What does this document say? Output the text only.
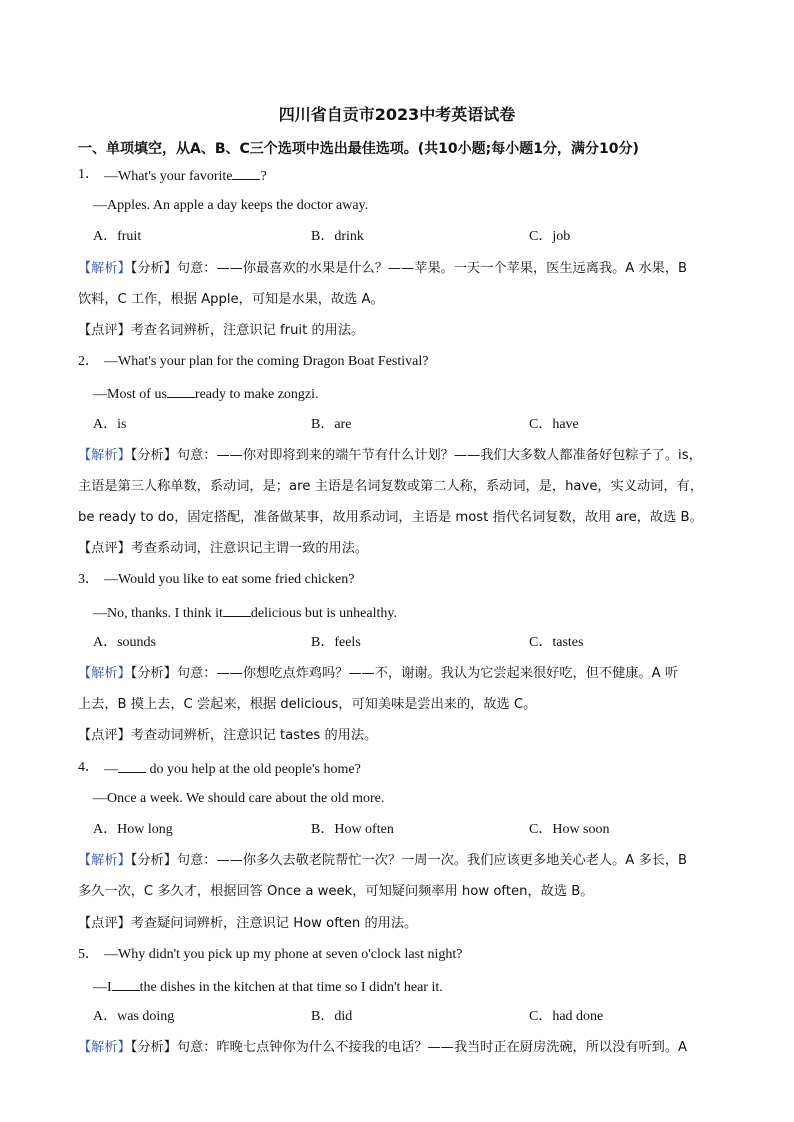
四川省自贡市2023中考英语试卷
一、单项填空，从A、B、C三个选项中选出最佳选项。(共10小题;每小题1分，满分10分)
1． —What's your favorite ?
—Apples. An apple a day keeps the doctor away.
A．fruit	B．drink	C．job
【解析】【分析】句意：——你最喜欢的水果是什么？——苹果。一天一个苹果，医生远离我。A 水果，B
饮料，C 工作，根据 Apple，可知是水果，故选 A。
【点评】考查名词辨析，注意识记 fruit 的用法。
2． —What's your plan for the coming Dragon Boat Festival?
—Most of us ready to make zongzi.
A．is	B．are	C．have
【解析】【分析】句意：——你对即将到来的端午节有什么计划？——我们大多数人都准备好包粽子了。is，
主语是第三人称单数，系动词，是；are 主语是名词复数或第二人称，系动词，是，have，实义动词，有，
be ready to do，固定搭配，准备做某事，故用系动词，主语是 most 指代名词复数，故用 are，故选 B。
【点评】考查系动词，注意识记主谓一致的用法。
3． —Would you like to eat some fried chicken?
—No, thanks. I think it delicious but is unhealthy.
A．sounds	B．feels	C．tastes
【解析】【分析】句意：——你想吃点炸鸡吗？——不，谢谢。我认为它尝起来很好吃，但不健康。A 听
上去，B 摸上去，C 尝起来，根据 delicious，可知美味是尝出来的，故选 C。
【点评】考查动词辨析，注意识记 tastes 的用法。
4． — do you help at the old people's home?
—Once a week. We should care about the old more.
A．How long	B．How often	C．How soon
【解析】【分析】句意：——你多久去敬老院帮忙一次？一周一次。我们应该更多地关心老人。A 多长，B
多久一次，C 多久才，根据回答 Once a week，可知疑问频率用 how often，故选 B。
【点评】考查疑问词辨析，注意识记 How often 的用法。
5． —Why didn't you pick up my phone at seven o'clock last night?
—I the dishes in the kitchen at that time so I didn't hear it.
A．was doing	B．did	C．had done
【解析】【分析】句意：昨晚七点钟你为什么不接我的电话？——我当时正在厨房洗碗，所以没有听到。A
